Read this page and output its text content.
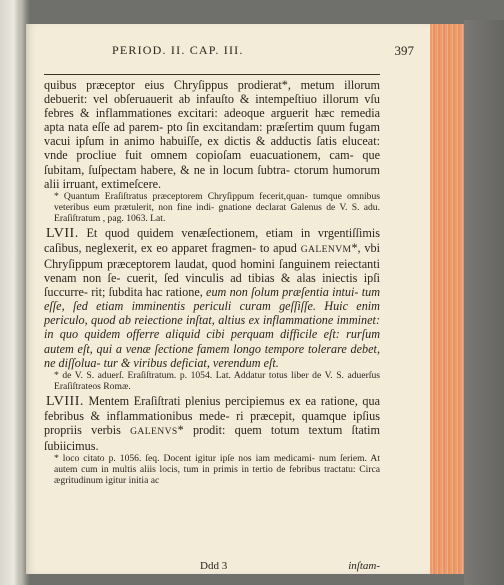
PERIOD. II. CAP. III.	397

quibus præceptor eius Chryſippus prodierat*, metum illorum debuerit: vel obſeruauerit ab infauſto & intempeſtiuo illorum vſu febres & inflammationes excitari: adeoque arguerit hæc remedia apta nata eſſe ad parem- pto ſin excitandam: præſertim quum fugam vacui ipſum in animo habuiſſe, ex dictis & adductis ſatis eluceat: vnde procliue fuit omnem copioſam euacuationem, cam- que ſubitam, ſuſpectam habere, & ne in locum ſubtra- ctorum humorum alii irruant, extimeſcere.

* Quantum Eraſiſtratus præceptorem Chryſippum fecerit,quan- tumque omnibus veteribus eum prætulerit, non fine indi- gnatione declarat Galenus de V. S. adu. Eraſiſtratum , pag. 1063. Lat.

LVII. Et quod quidem venæſectionem, etiam in vrgentiſſimis caſibus, neglexerit, ex eo apparet fragmen- to apud GALENVM*, vbi Chryſippum præceptorem laudat, quod homini ſanguinem reiectanti venam non ſe- cuerit, ſed vinculis ad tibias & alas iniectis ipſi ſuccurre- rit; ſubdita hac ratione, eum non ſolum præſentia intui- tum eſſe, ſed etiam imminentis periculi curam geſſiſſe. Huic enim periculo, quod ab reiectione inſtat, altius ex inflammatione imminet: in quo quidem offerre aliquid cibi perquam difficile eſt: rurſum autem eſt, qui a venæ ſectione famem longo tempore tolerare debet, ne diſſolua- tur & viribus deficiat, verendum eſt.

* de V. S. aduerſ. Eraſiſtratum. p. 1054. Lat. Addatur totus liber de V. S. aduerſus Eraſiſtrateos Romæ.

LVIII. Mentem Eraſiſtrati plenius percipiemus ex ea ratione, qua febribus & inflammationibus mede- ri præcepit, quamque ipſius propriis verbis GALENVS* prodit: quem totum textum ſtatim ſubiicimus.

* loco citato p. 1056. ſeq. Docent igitur ipſe nos iam medicami- num ſeriem. At autem cum in multis aliis locis, tum in primis in tertio de febribus tractatu: Circa ægritudinum igitur initia ac

Ddd 3	inſtam-
